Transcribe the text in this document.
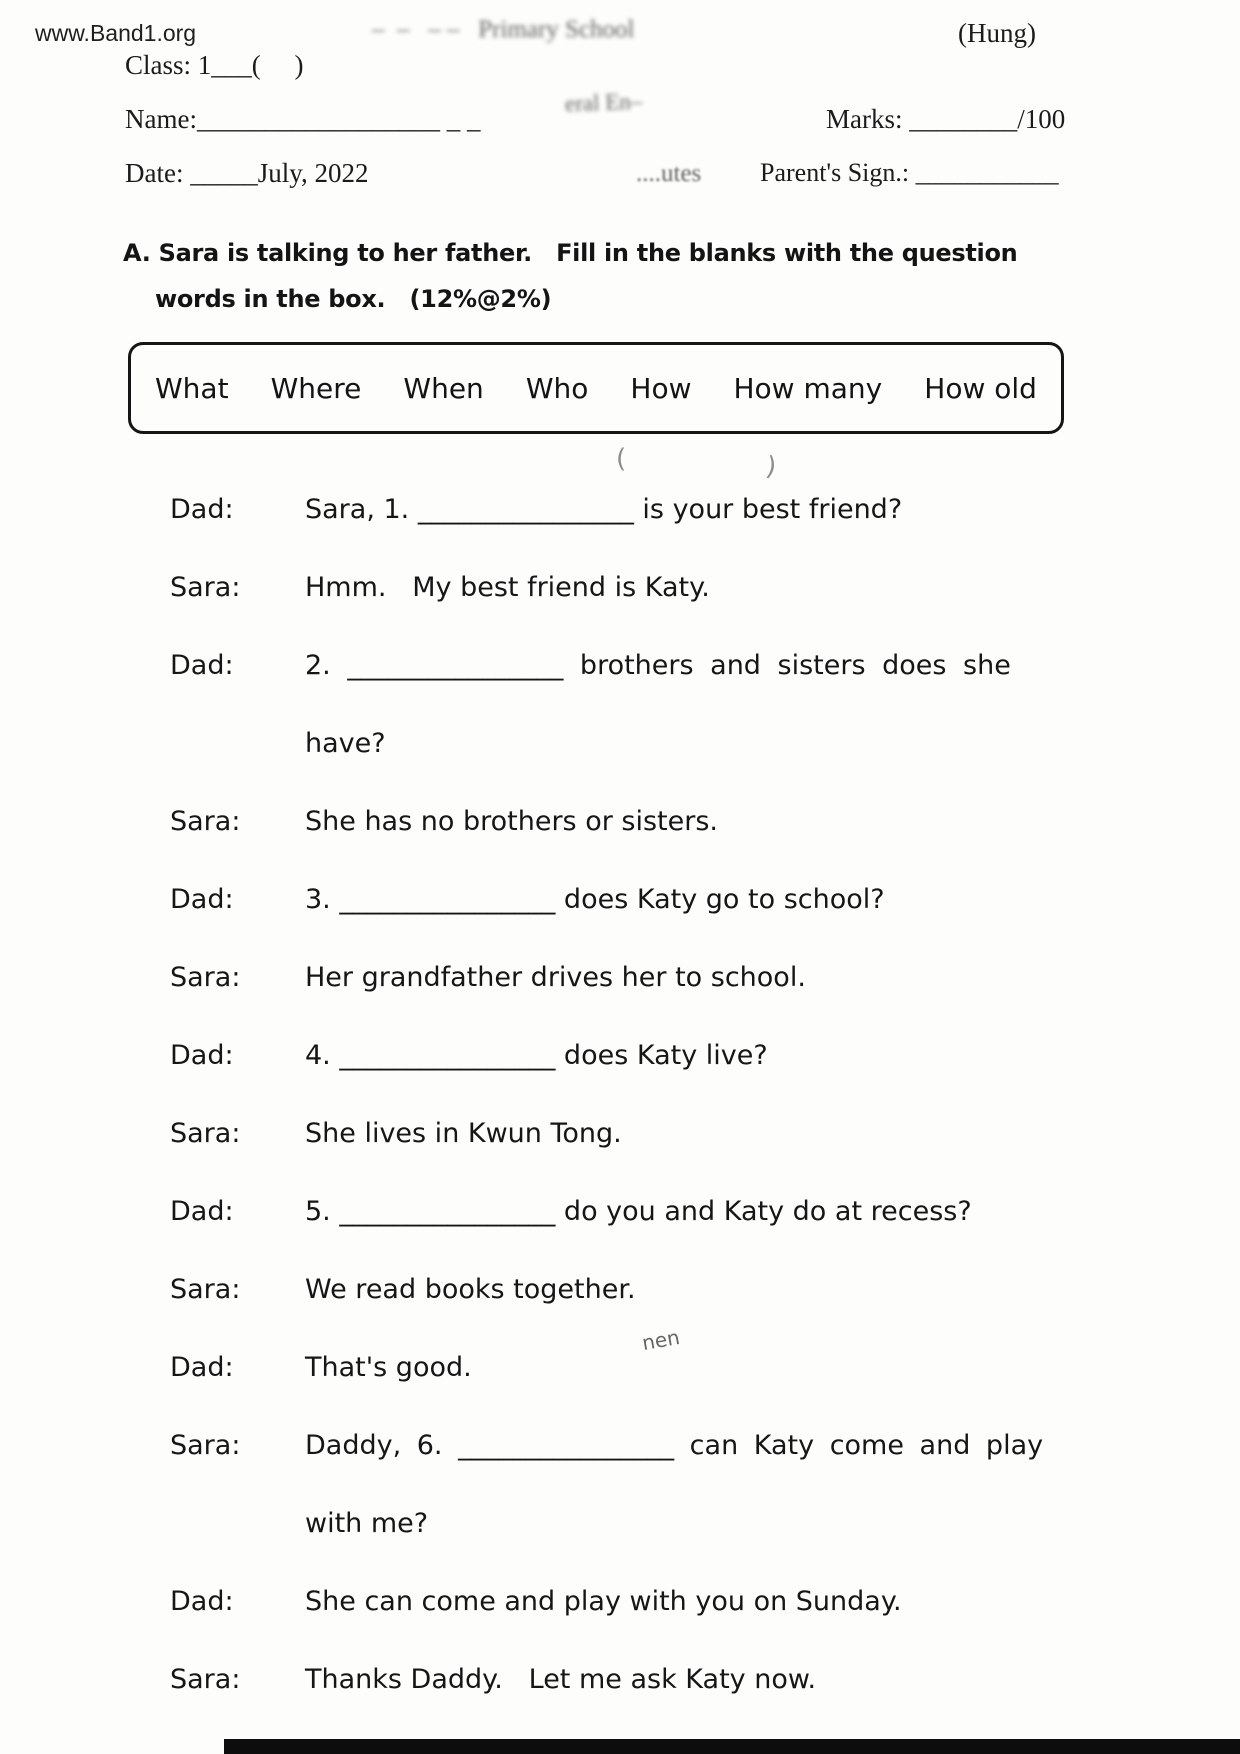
www.Band1.org	–  –   – –   Primary School	(Hung)
Class: 1___(     )
eral En–
Name:__________________ _ _	Marks: ________/100
Date: _____July, 2022	....utes Parent's Sign.: ___________
A. Sara is talking to her father.   Fill in the blanks with the question
words in the box.   (12%@2%)
What Where When Who How How many How old
(	)
Dad:	Sara, 1. ________________ is your best friend?
Sara:	Hmm.   My best friend is Katy.
Dad:	2. ________________ brothers and sisters does she
have?
Sara:	She has no brothers or sisters.
Dad:	3. ________________ does Katy go to school?
Sara:	Her grandfather drives her to school.
Dad:	4. ________________ does Katy live?
Sara:	She lives in Kwun Tong.
Dad:	5. ________________ do you and Katy do at recess?
Sara:	We read books together.
Dad:	That's good.
Sara:	Daddy, 6. ________________ can Katy come and play
with me?
Dad:	She can come and play with you on Sunday.
Sara:	Thanks Daddy.   Let me ask Katy now.
nen
